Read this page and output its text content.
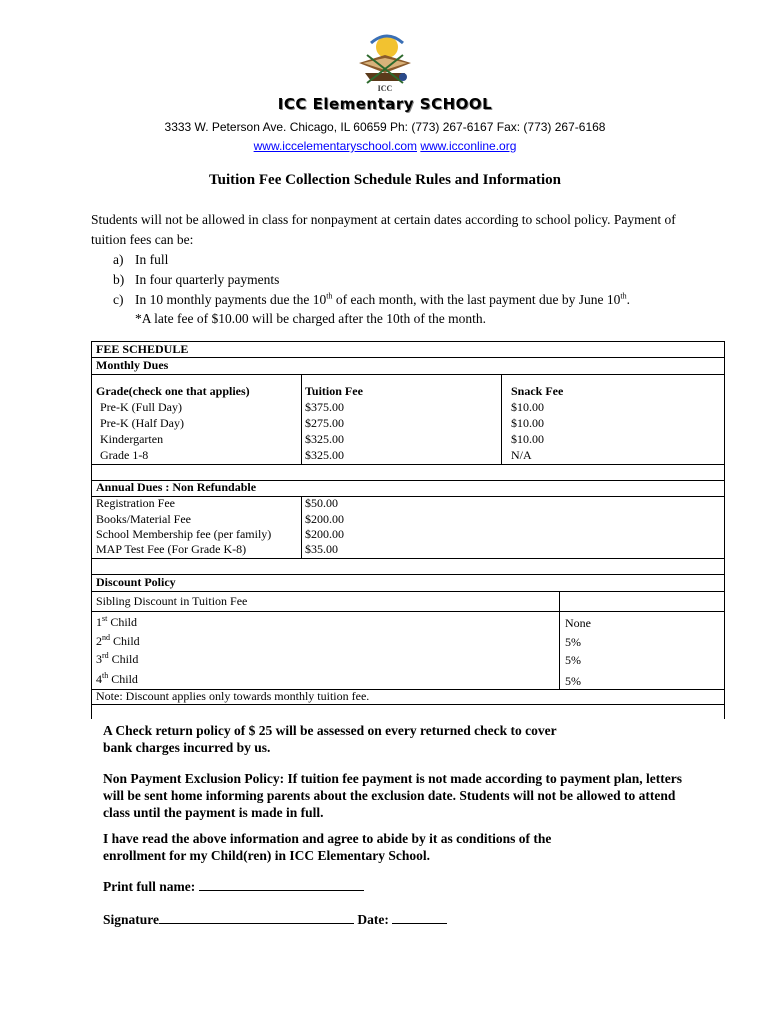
ICC
ICC Elementary SCHOOL
3333 W. Peterson Ave. Chicago, IL 60659 Ph: (773) 267-6167 Fax: (773) 267-6168
www.iccelementaryschool.com www.icconline.org
Tuition Fee Collection Schedule Rules and Information
Students will not be allowed in class for nonpayment at certain dates according to school policy. Payment of tuition fees can be:
a) In full
b) In four quarterly payments
c) In 10 monthly payments due the 10th of each month, with the last payment due by June 10th.
*A late fee of $10.00 will be charged after the 10th of the month.
FEE SCHEDULE
Monthly Dues
Grade(check one that applies)	Tuition Fee	Snack Fee
Pre-K (Full Day)	$375.00	$10.00
Pre-K (Half Day)	$275.00	$10.00
Kindergarten	$325.00	$10.00
Grade 1-8	$325.00	N/A
Annual Dues : Non Refundable
Registration Fee	$50.00
Books/Material Fee	$200.00
School Membership fee (per family)	$200.00
MAP Test Fee (For Grade K-8)	$35.00
Discount Policy
Sibling Discount in Tuition Fee
1st Child	None
2nd Child	5%
3rd Child	5%
4th Child	5%
Note: Discount applies only towards monthly tuition fee.
A Check return policy of $ 25 will be assessed on every returned check to cover bank charges incurred by us.
Non Payment Exclusion Policy: If tuition fee payment is not made according to payment plan, letters will be sent home informing parents about the exclusion date. Students will not be allowed to attend class until the payment is made in full.
I have read the above information and agree to abide by it as conditions of the enrollment for my Child(ren) in ICC Elementary School.
Print full name:
Signature	Date:
